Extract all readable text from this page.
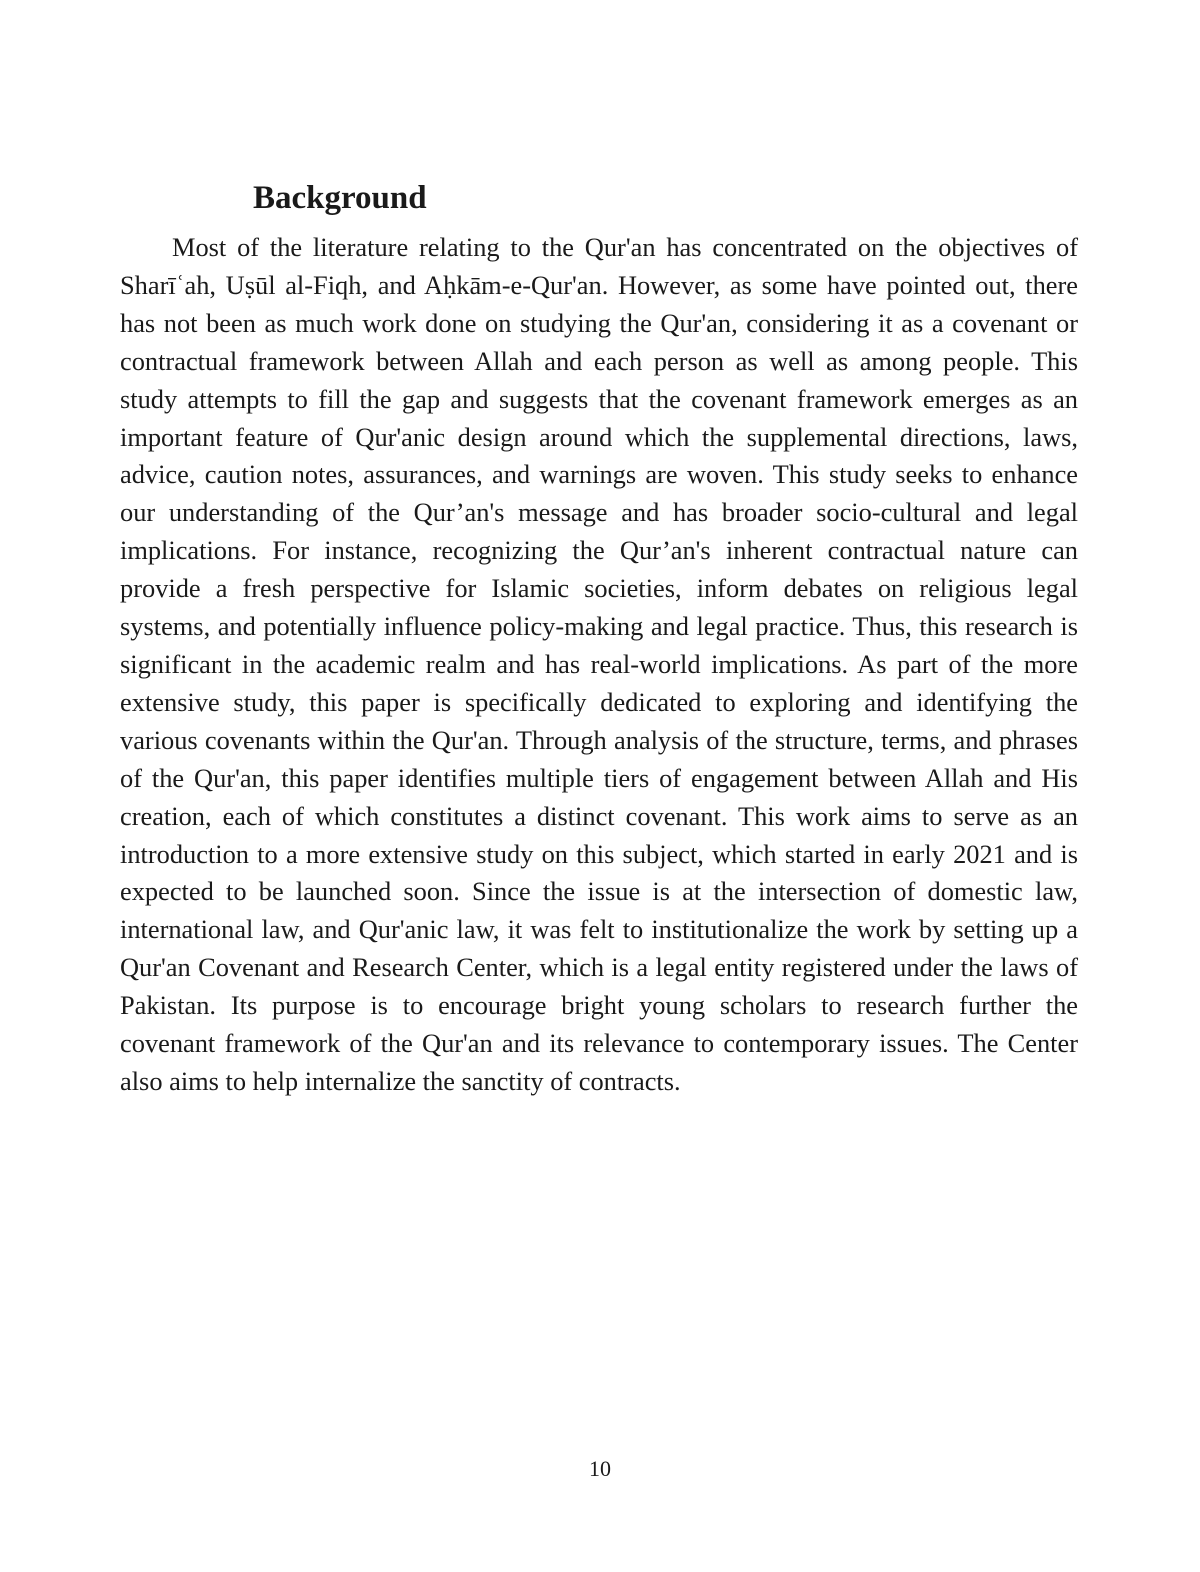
Background

Most of the literature relating to the Qur'an has concentrated on the objectives of Sharīʿah, Uṣūl al-Fiqh, and Aḥkām-e-Qur'an. However, as some have pointed out, there has not been as much work done on studying the Qur'an, considering it as a covenant or contractual framework between Allah and each person as well as among people. This study attempts to fill the gap and suggests that the covenant framework emerges as an important feature of Qur'anic design around which the supplemental directions, laws, advice, caution notes, assurances, and warnings are woven. This study seeks to enhance our understanding of the Qur’an's message and has broader socio-cultural and legal implications. For instance, recognizing the Qur’an's inherent contractual nature can provide a fresh perspective for Islamic societies, inform debates on religious legal systems, and potentially influence policy-making and legal practice. Thus, this research is significant in the academic realm and has real-world implications. As part of the more extensive study, this paper is specifically dedicated to exploring and identifying the various covenants within the Qur'an. Through analysis of the structure, terms, and phrases of the Qur'an, this paper identifies multiple tiers of engagement between Allah and His creation, each of which constitutes a distinct covenant. This work aims to serve as an introduction to a more extensive study on this subject, which started in early 2021 and is expected to be launched soon. Since the issue is at the intersection of domestic law, international law, and Qur'anic law, it was felt to institutionalize the work by setting up a Qur'an Covenant and Research Center, which is a legal entity registered under the laws of Pakistan. Its purpose is to encourage bright young scholars to research further the covenant framework of the Qur'an and its relevance to contemporary issues. The Center also aims to help internalize the sanctity of contracts.

10
